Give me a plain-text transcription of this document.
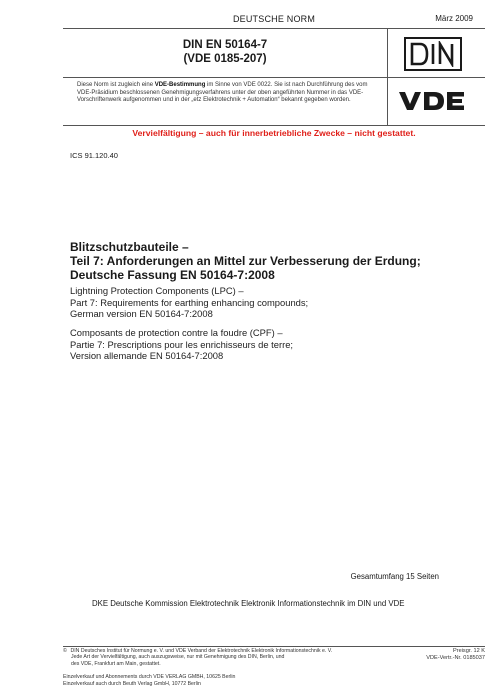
DEUTSCHE NORM	März 2009
DIN EN 50164-7
(VDE 0185-207)
Diese Norm ist zugleich eine VDE-Bestimmung im Sinne von VDE 0022. Sie ist nach Durchführung des vom VDE-Präsidium beschlossenen Genehmigungsverfahrens unter der oben angeführten Nummer in das VDE-Vorschriftenwerk aufgenommen und in der „etz Elektrotechnik + Automation“ bekannt gegeben worden.
Vervielfältigung – auch für innerbetriebliche Zwecke – nicht gestattet.
ICS 91.120.40
Blitzschutzbauteile –
Teil 7: Anforderungen an Mittel zur Verbesserung der Erdung;
Deutsche Fassung EN 50164-7:2008
Lightning Protection Components (LPC) –
Part 7: Requirements for earthing enhancing compounds;
German version EN 50164-7:2008
Composants de protection contre la foudre (CPF) –
Partie 7: Prescriptions pour les enrichisseurs de terre;
Version allemande EN 50164-7:2008
Gesamtumfang 15 Seiten
DKE Deutsche Kommission Elektrotechnik Elektronik Informationstechnik im DIN und VDE
© DIN Deutsches Institut für Normung e. V. und VDE Verband der Elektrotechnik Elektronik Informationstechnik e. V.
Jede Art der Vervielfältigung, auch auszugsweise, nur mit Genehmigung des DIN, Berlin, und
des VDE, Frankfurt am Main, gestattet.
Preisgr. 12 K
VDE-Vertr.-Nr. 0185037
Einzelverkauf und Abonnements durch VDE VERLAG GMBH, 10625 Berlin
Einzelverkauf auch durch Beuth Verlag GmbH, 10772 Berlin
